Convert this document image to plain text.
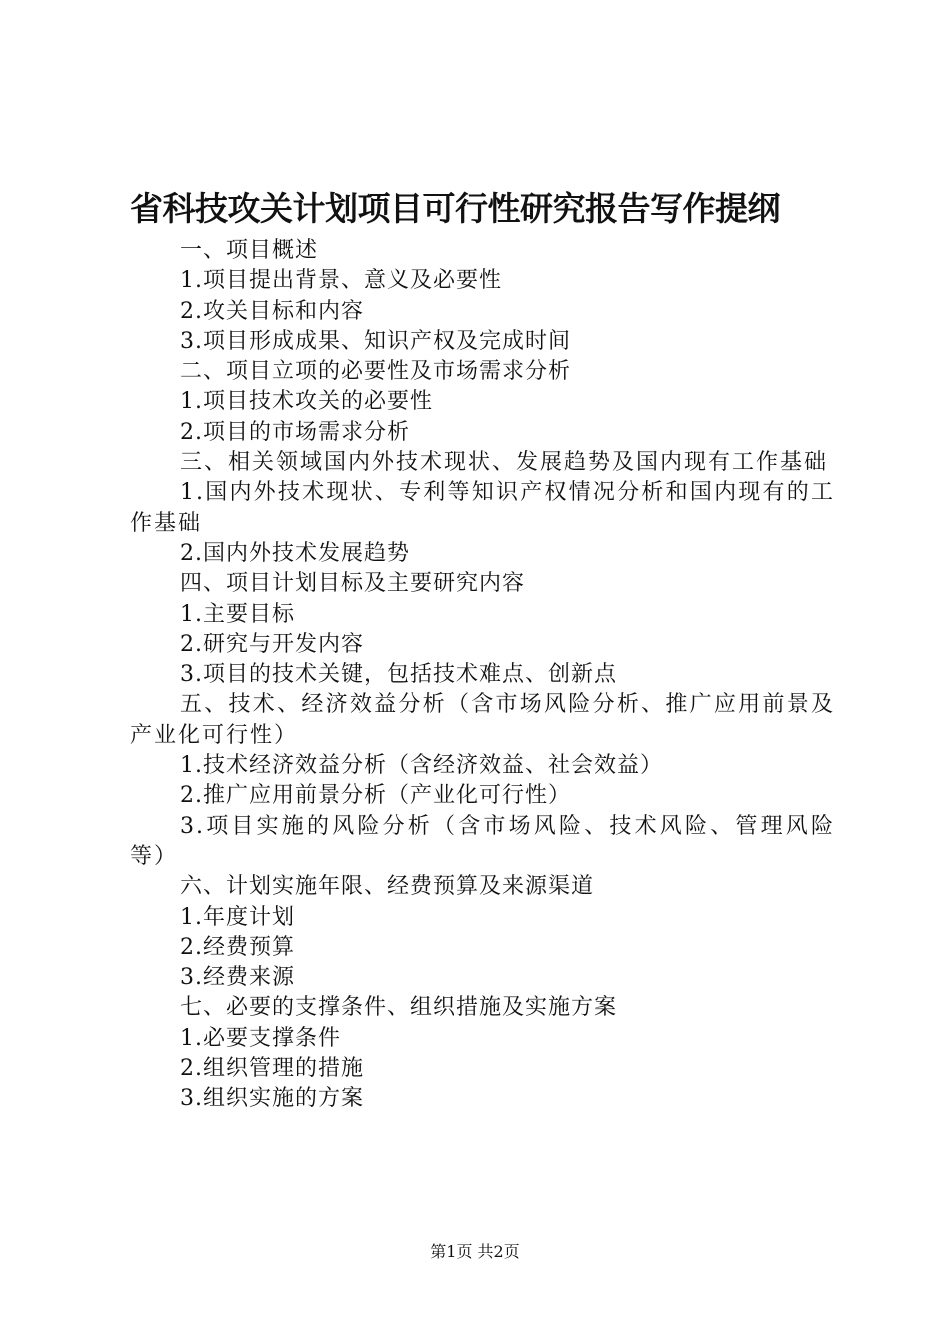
省科技攻关计划项目可行性研究报告写作提纲
一、项目概述
1.项目提出背景、意义及必要性
2.攻关目标和内容
3.项目形成成果、知识产权及完成时间
二、项目立项的必要性及市场需求分析
1.项目技术攻关的必要性
2.项目的市场需求分析
三、相关领域国内外技术现状、发展趋势及国内现有工作基础
1.国内外技术现状、专利等知识产权情况分析和国内现有的工作基础
2.国内外技术发展趋势
四、项目计划目标及主要研究内容
1.主要目标
2.研究与开发内容
3.项目的技术关键，包括技术难点、创新点
五、技术、经济效益分析（含市场风险分析、推广应用前景及产业化可行性）
1.技术经济效益分析（含经济效益、社会效益）
2.推广应用前景分析（产业化可行性）
3.项目实施的风险分析（含市场风险、技术风险、管理风险等）
六、计划实施年限、经费预算及来源渠道
1.年度计划
2.经费预算
3.经费来源
七、必要的支撑条件、组织措施及实施方案
1.必要支撑条件
2.组织管理的措施
3.组织实施的方案
第1页 共2页
